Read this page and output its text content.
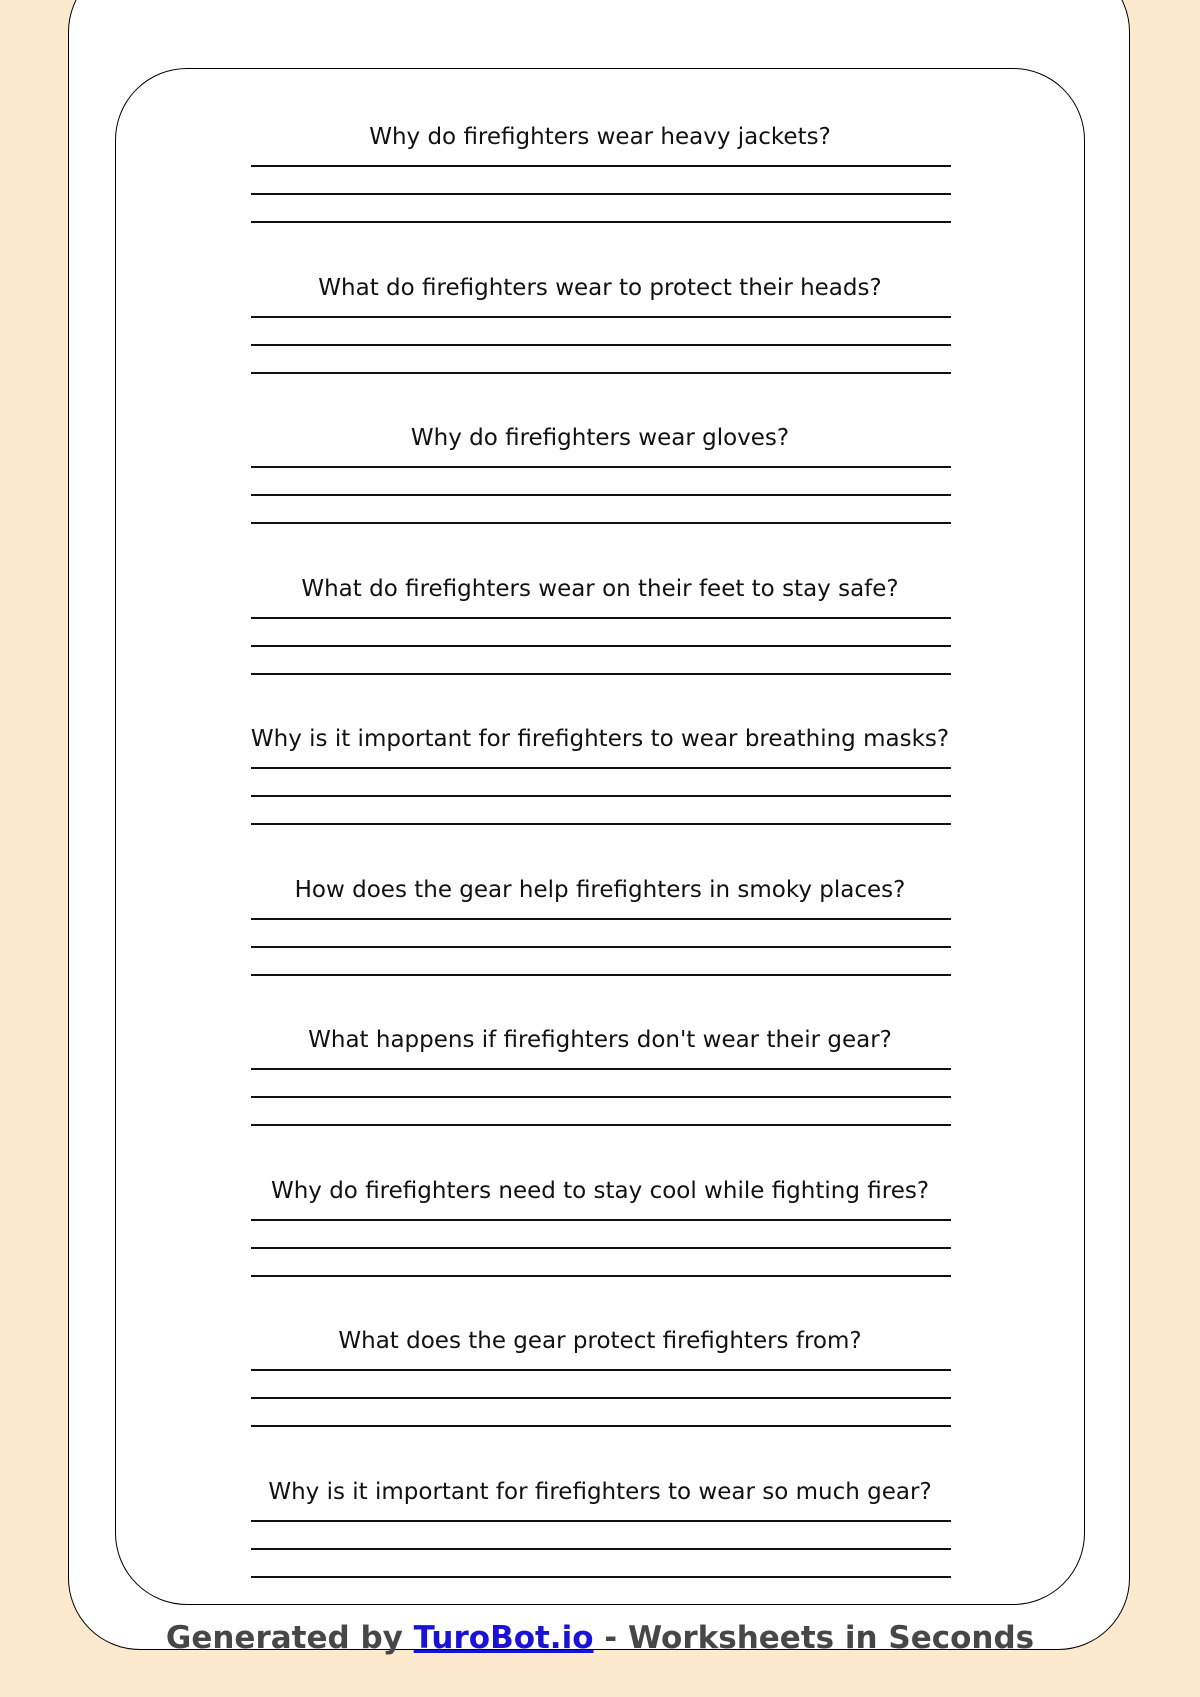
Why do firefighters wear heavy jackets?
What do firefighters wear to protect their heads?
Why do firefighters wear gloves?
What do firefighters wear on their feet to stay safe?
Why is it important for firefighters to wear breathing masks?
How does the gear help firefighters in smoky places?
What happens if firefighters don't wear their gear?
Why do firefighters need to stay cool while fighting fires?
What does the gear protect firefighters from?
Why is it important for firefighters to wear so much gear?
Generated by TuroBot.io - Worksheets in Seconds
